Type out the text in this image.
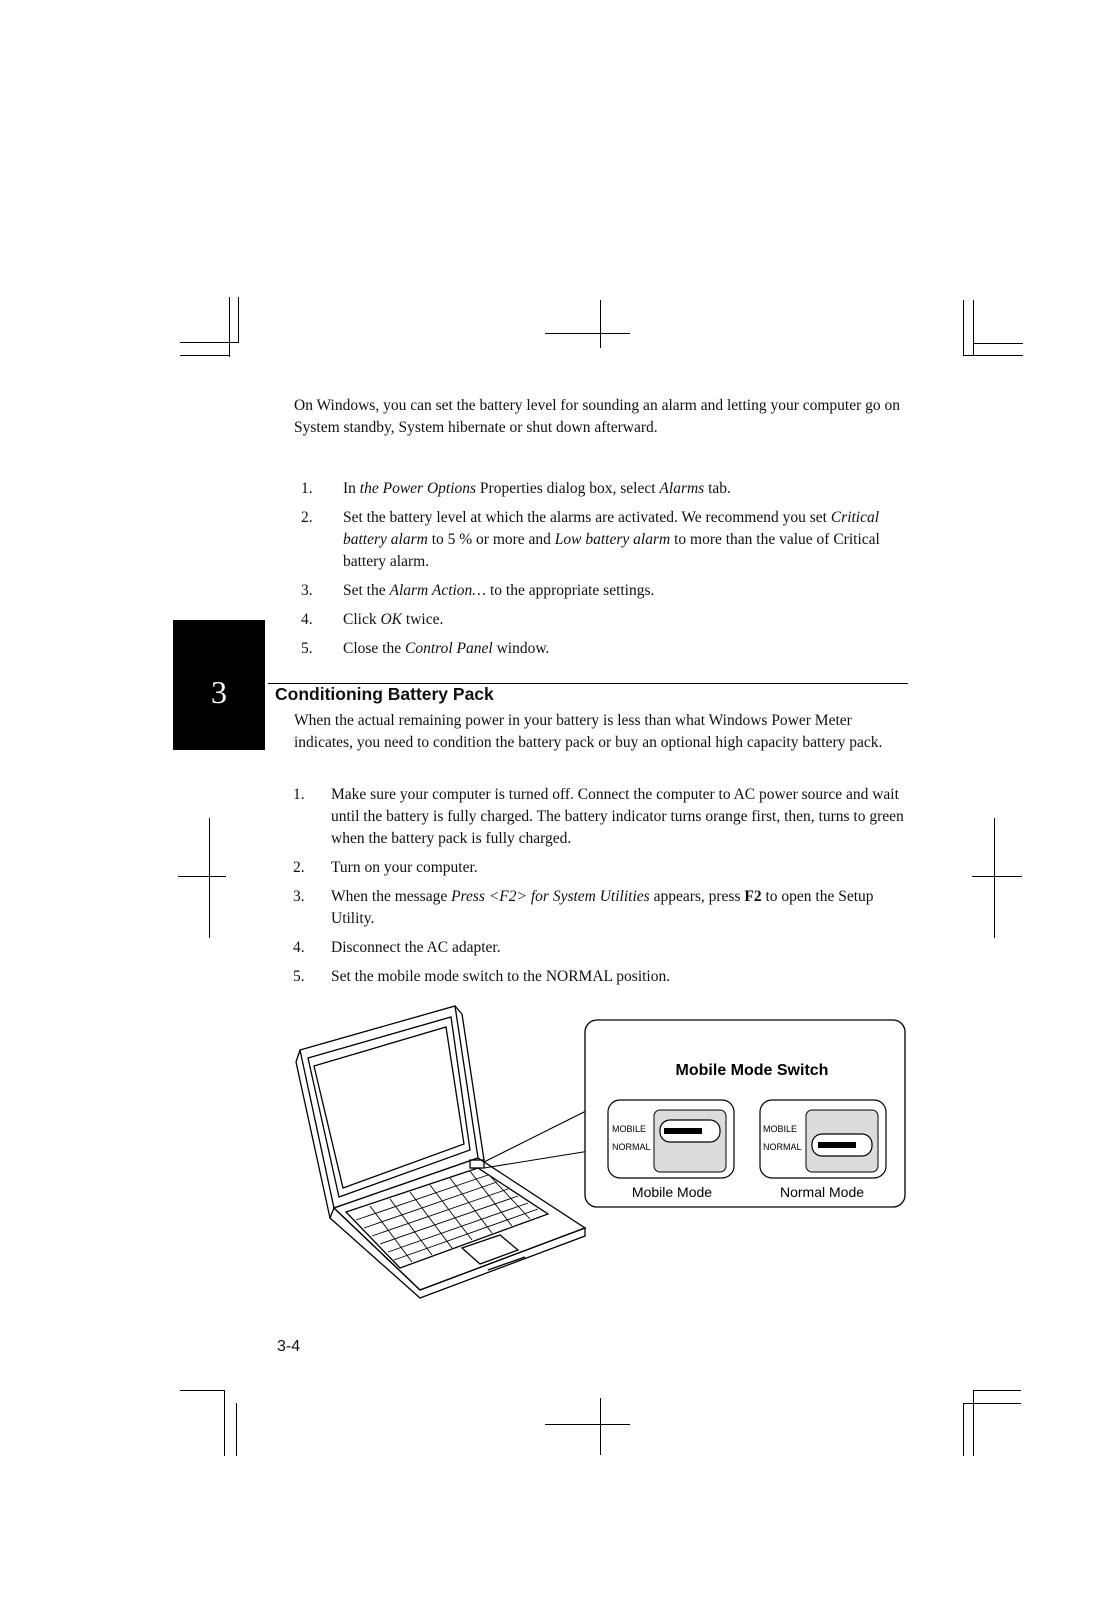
On Windows, you can set the battery level for sounding an alarm and letting your computer go on System standby, System hibernate or shut down afterward.

1. In the Power Options Properties dialog box, select Alarms tab.
2. Set the battery level at which the alarms are activated. We recommend you set Critical battery alarm to 5 % or more and Low battery alarm to more than the value of Critical battery alarm.
3. Set the Alarm Action… to the appropriate settings.
4. Click OK twice.
5. Close the Control Panel window.
3	Conditioning Battery Pack

When the actual remaining power in your battery is less than what Windows Power Meter indicates, you need to condition the battery pack or buy an optional high capacity battery pack.

1. Make sure your computer is turned off. Connect the computer to AC power source and wait until the battery is fully charged. The battery indicator turns orange first, then, turns to green when the battery pack is fully charged.
2. Turn on your computer.
3. When the message Press <F2> for System Utilities appears, press F2 to open the Setup Utility.
4. Disconnect the AC adapter.
5. Set the mobile mode switch to the NORMAL position.
Mobile Mode Switch
MOBILE
NORMAL
Mobile Mode
MOBILE
NORMAL
Normal Mode
3-4
